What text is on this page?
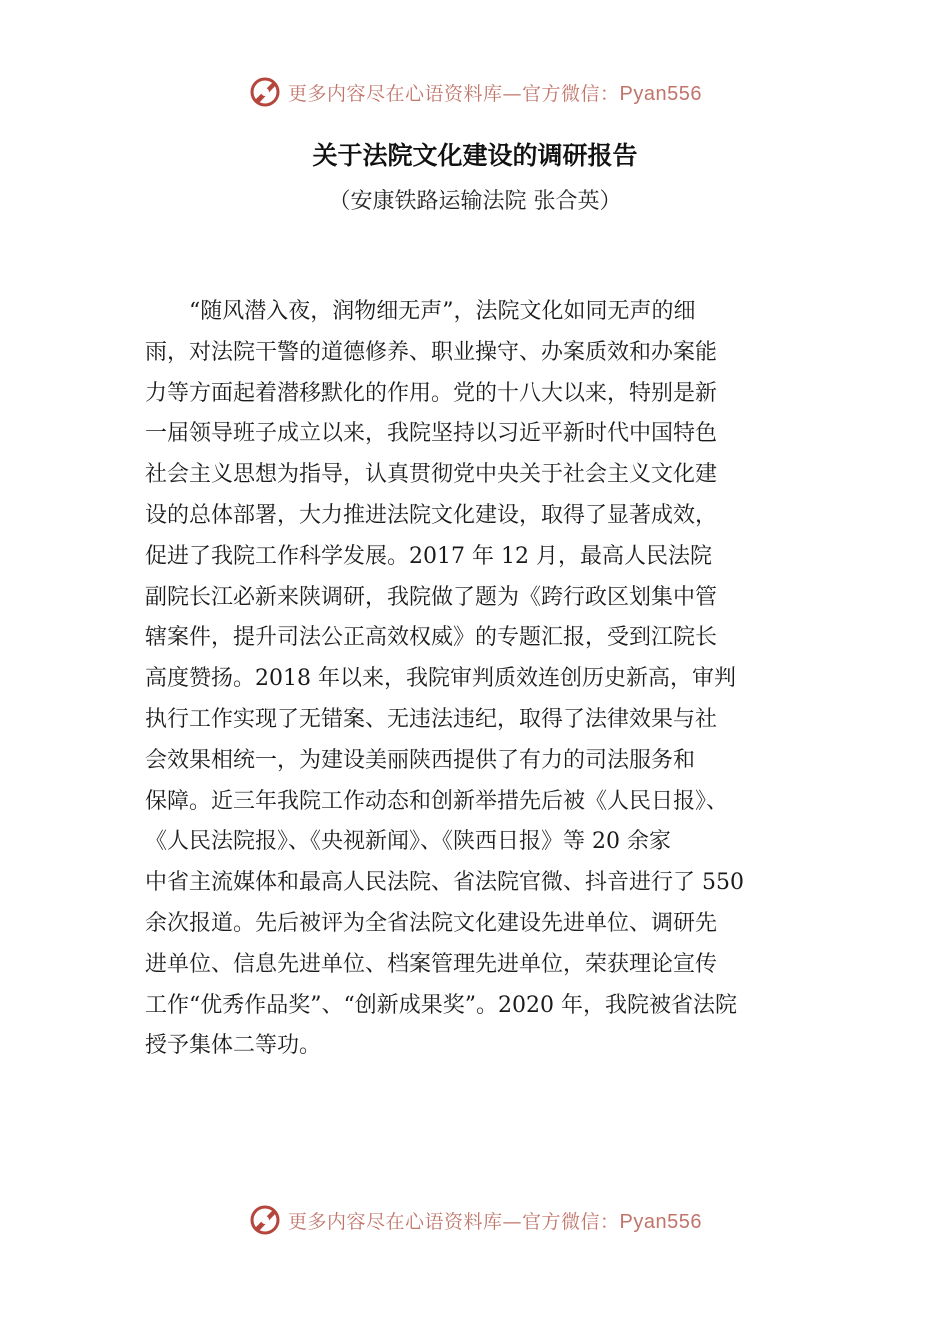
更多内容尽在心语资料库—官方微信：Pyan556
关于法院文化建设的调研报告
（安康铁路运输法院 张合英）
“随风潜入夜，润物细无声”，法院文化如同无声的细
雨，对法院干警的道德修养、职业操守、办案质效和办案能
力等方面起着潜移默化的作用。党的十八大以来，特别是新
一届领导班子成立以来，我院坚持以习近平新时代中国特色
社会主义思想为指导，认真贯彻党中央关于社会主义文化建
设的总体部署，大力推进法院文化建设，取得了显著成效，
促进了我院工作科学发展。2017 年 12 月，最高人民法院
副院长江必新来陕调研，我院做了题为《跨行政区划集中管
辖案件，提升司法公正高效权威》的专题汇报，受到江院长
高度赞扬。2018 年以来，我院审判质效连创历史新高，审判
执行工作实现了无错案、无违法违纪，取得了法律效果与社
会效果相统一，为建设美丽陕西提供了有力的司法服务和
保障。近三年我院工作动态和创新举措先后被《人民日报》、
《人民法院报》、《央视新闻》、《陕西日报》等 20 余家
中省主流媒体和最高人民法院、省法院官微、抖音进行了 550
余次报道。先后被评为全省法院文化建设先进单位、调研先
进单位、信息先进单位、档案管理先进单位，荣获理论宣传
工作“优秀作品奖”、“创新成果奖”。2020 年，我院被省法院
授予集体二等功。
更多内容尽在心语资料库—官方微信：Pyan556
